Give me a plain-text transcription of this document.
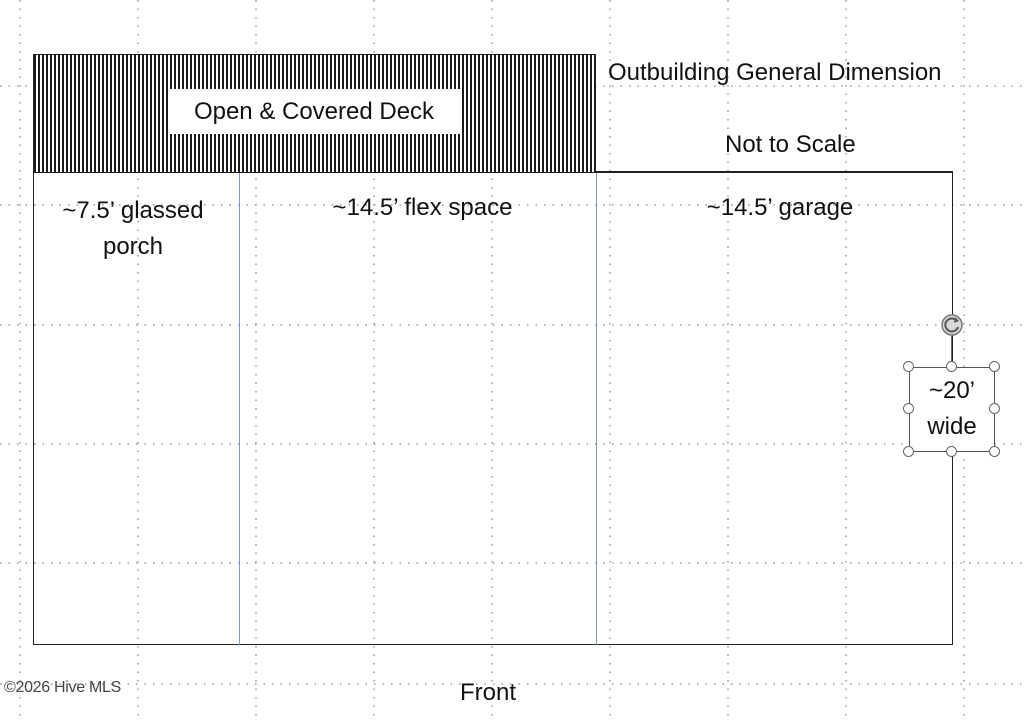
Open & Covered Deck
Outbuilding General Dimension
Not to Scale
~7.5’ glassed
porch
~14.5’ flex space	~14.5’ garage
~20’
wide
Front
©2026 Hive MLS
